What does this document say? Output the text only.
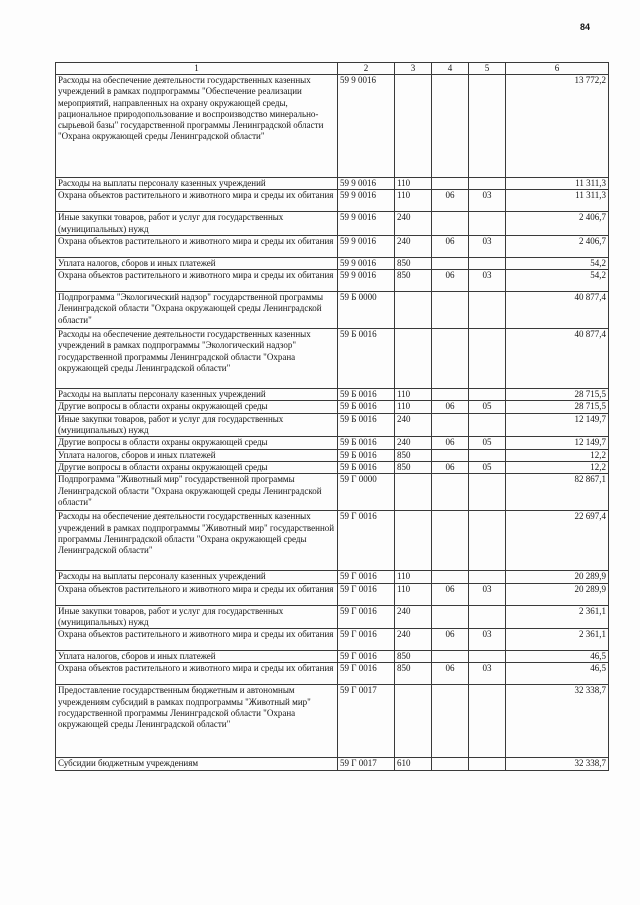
84
1	2	3	4	5	6
Расходы на обеспечение деятельности государственных казенных учреждений в рамках подпрограммы "Обеспечение реализации мероприятий, направленных на охрану окружающей среды, рациональное природопользование и воспроизводство минерально-сырьевой базы" государственной программы Ленинградской области "Охрана окружающей среды Ленинградской области"	59 9 0016				13 772,2
Расходы на выплаты персоналу казенных учреждений	59 9 0016	110			11 311,3
Охрана объектов растительного и животного мира и среды их обитания	59 9 0016	110	06	03	11 311,3
Иные закупки товаров, работ и услуг для государственных (муниципальных) нужд	59 9 0016	240			2 406,7
Охрана объектов растительного и животного мира и среды их обитания	59 9 0016	240	06	03	2 406,7
Уплата налогов, сборов и иных платежей	59 9 0016	850			54,2
Охрана объектов растительного и животного мира и среды их обитания	59 9 0016	850	06	03	54,2
Подпрограмма "Экологический надзор" государственной программы Ленинградской области "Охрана окружающей среды Ленинградской области"	59 Б 0000				40 877,4
Расходы на обеспечение деятельности государственных казенных учреждений в рамках подпрограммы "Экологический надзор" государственной программы Ленинградской области "Охрана окружающей среды Ленинградской области"	59 Б 0016				40 877,4
Расходы на выплаты персоналу казенных учреждений	59 Б 0016	110			28 715,5
Другие вопросы в области охраны окружающей среды	59 Б 0016	110	06	05	28 715,5
Иные закупки товаров, работ и услуг для государственных (муниципальных) нужд	59 Б 0016	240			12 149,7
Другие вопросы в области охраны окружающей среды	59 Б 0016	240	06	05	12 149,7
Уплата налогов, сборов и иных платежей	59 Б 0016	850			12,2
Другие вопросы в области охраны окружающей среды	59 Б 0016	850	06	05	12,2
Подпрограмма "Животный мир" государственной программы Ленинградской области "Охрана окружающей среды Ленинградской области"	59 Г 0000				82 867,1
Расходы на обеспечение деятельности государственных казенных учреждений в рамках подпрограммы "Животный мир" государственной программы Ленинградской области "Охрана окружающей среды Ленинградской области"	59 Г 0016				22 697,4
Расходы на выплаты персоналу казенных учреждений	59 Г 0016	110			20 289,9
Охрана объектов растительного и животного мира и среды их обитания	59 Г 0016	110	06	03	20 289,9
Иные закупки товаров, работ и услуг для государственных (муниципальных) нужд	59 Г 0016	240			2 361,1
Охрана объектов растительного и животного мира и среды их обитания	59 Г 0016	240	06	03	2 361,1
Уплата налогов, сборов и иных платежей	59 Г 0016	850			46,5
Охрана объектов растительного и животного мира и среды их обитания	59 Г 0016	850	06	03	46,5
Предоставление государственным бюджетным и автономным учреждениям субсидий в рамках подпрограммы "Животный мир" государственной программы Ленинградской области "Охрана окружающей среды Ленинградской области"	59 Г 0017				32 338,7
Субсидии бюджетным учреждениям	59 Г 0017	610			32 338,7
